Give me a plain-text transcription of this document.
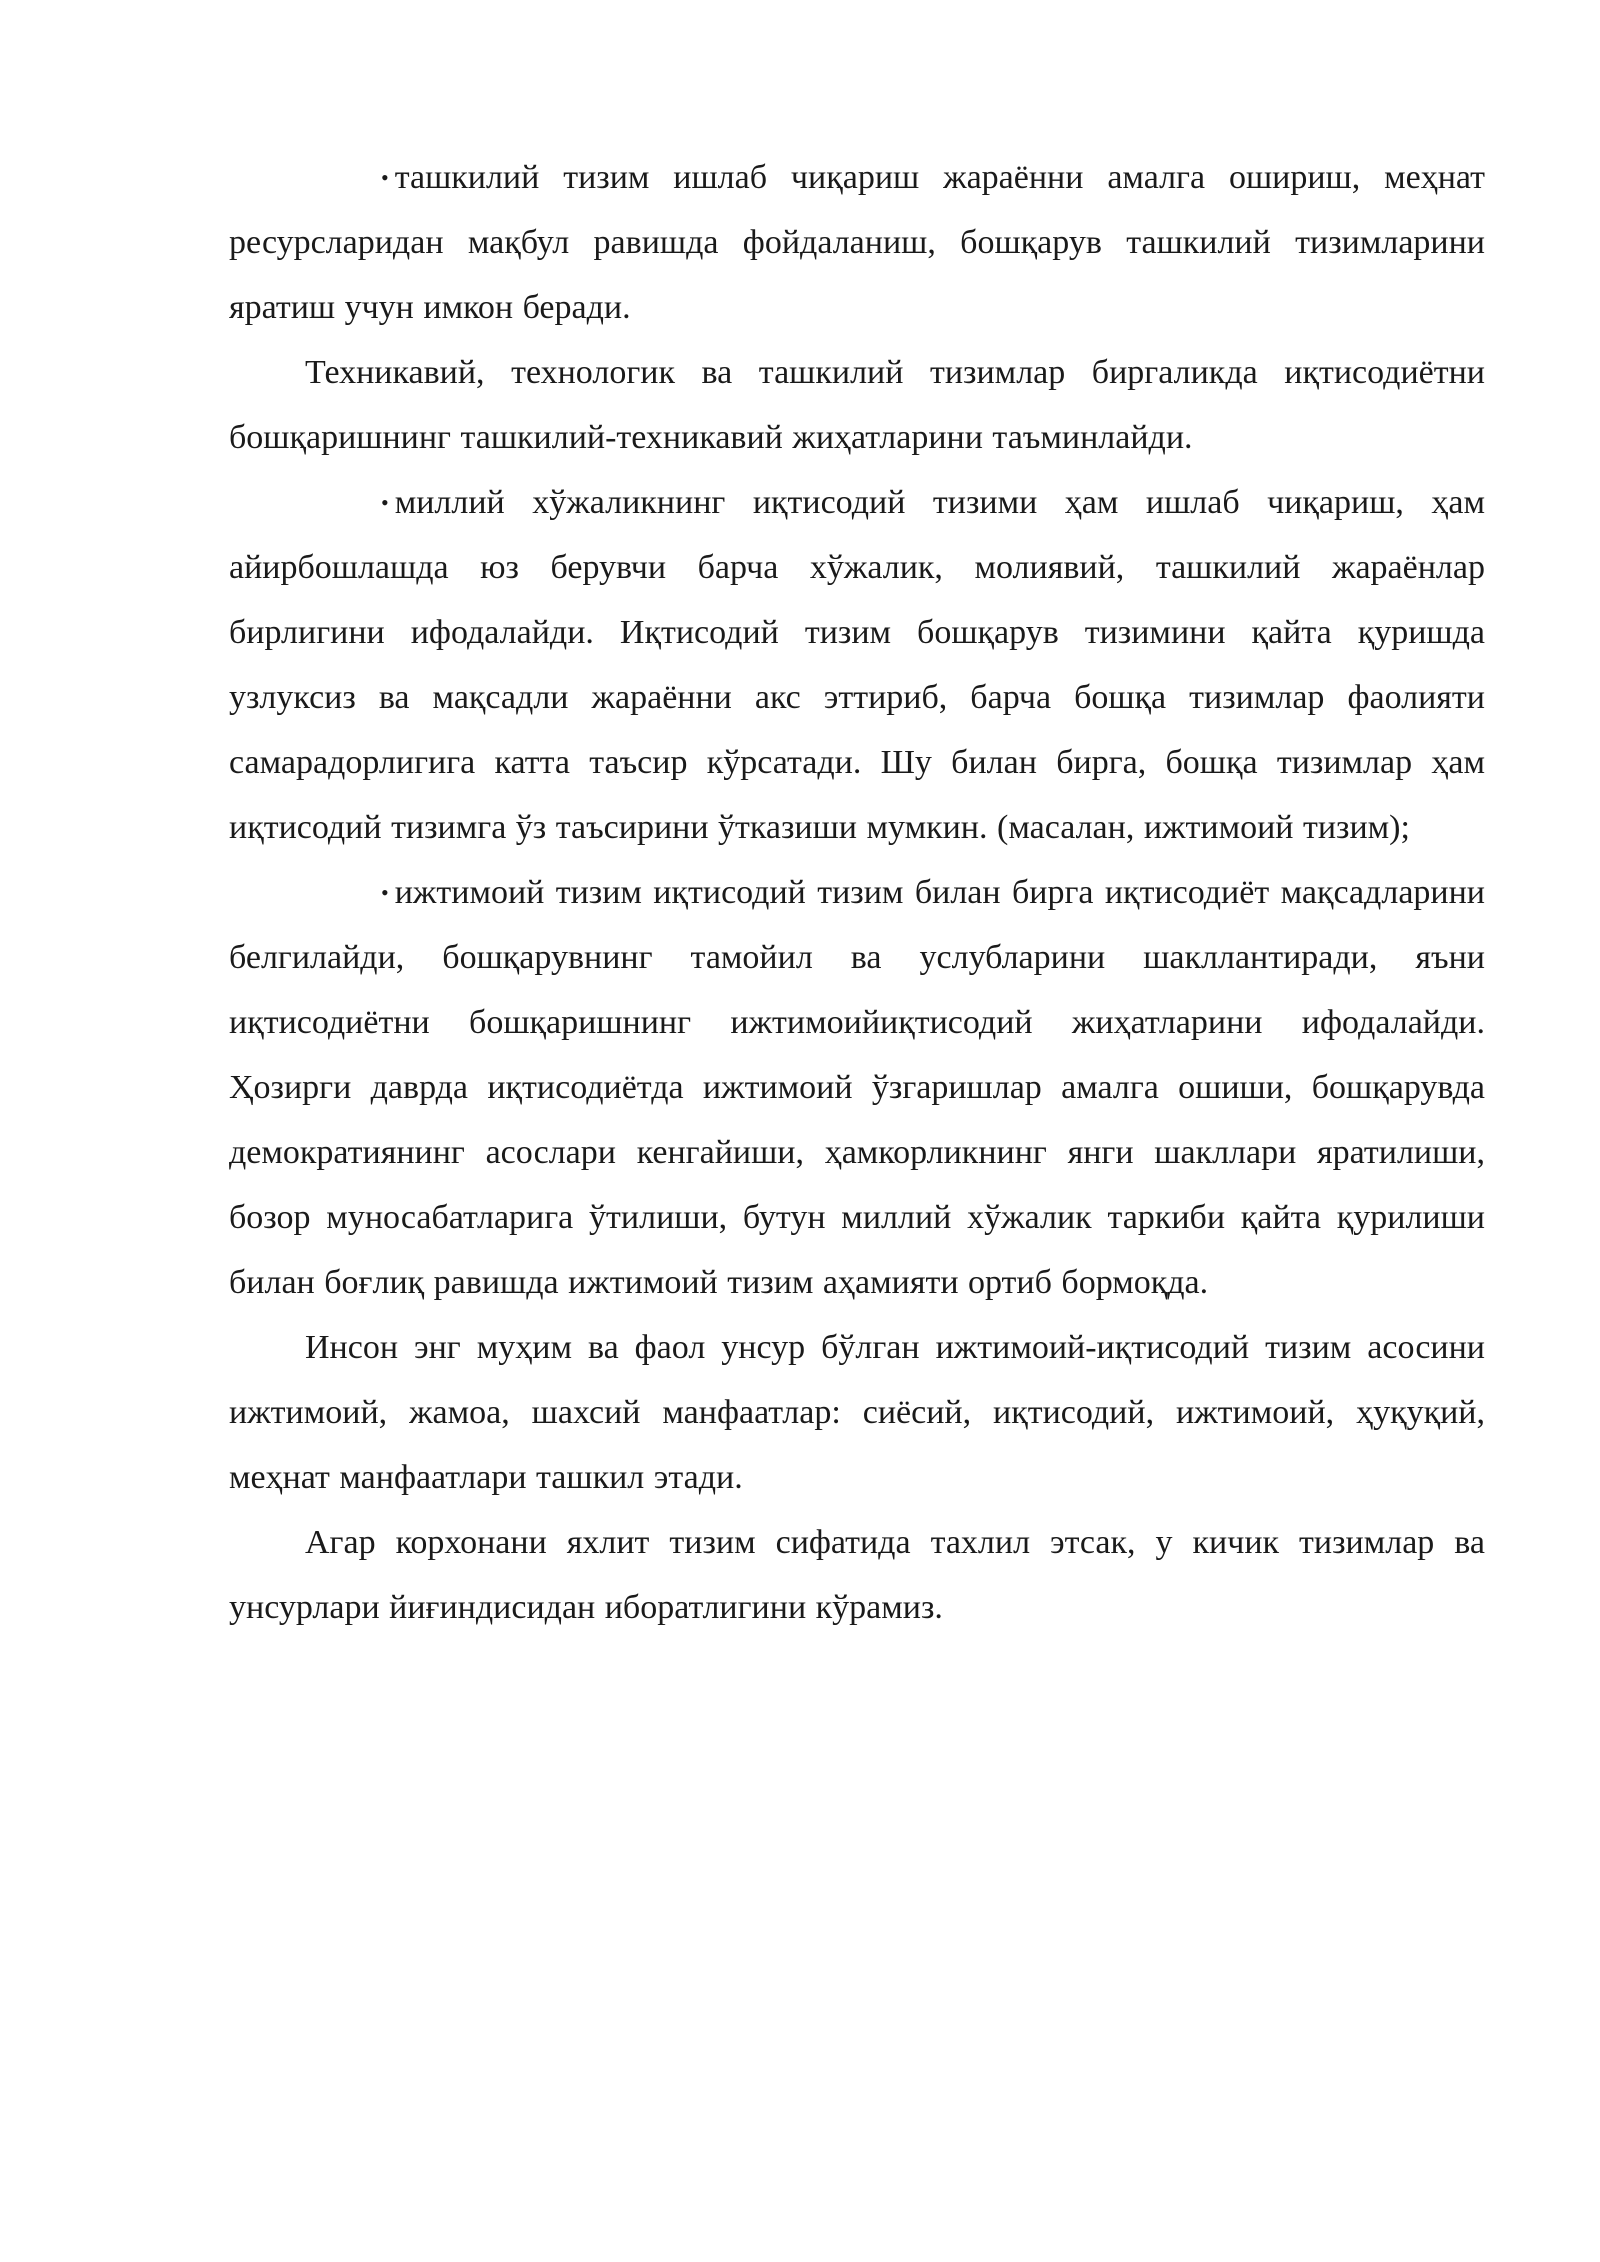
• ташкилий тизим ишлаб чиқариш жараённи амалга ошириш, меҳнат ресурсларидан мақбул равишда фойдаланиш, бошқарув ташкилий тизимларини яратиш учун имкон беради.

Техникавий, технологик ва ташкилий тизимлар биргаликда иқтисодиётни бошқаришнинг ташкилий-техникавий жиҳатларини таъминлайди.

• миллий хўжаликнинг иқтисодий тизими ҳам ишлаб чиқариш, ҳам айирбошлашда юз берувчи барча хўжалик, молиявий, ташкилий жараёнлар бирлигини ифодалайди. Иқтисодий тизим бошқарув тизимини қайта қуришда узлуксиз ва мақсадли жараённи акс эттириб, барча бошқа тизимлар фаолияти самарадорлигига катта таъсир кўрсатади. Шу билан бирга, бошқа тизимлар ҳам иқтисодий тизимга ўз таъсирини ўтказиши мумкин. (масалан, ижтимоий тизим);

• ижтимоий тизим иқтисодий тизим билан бирга иқтисодиёт мақсадларини белгилайди, бошқарувнинг тамойил ва услубларини шакллантиради, яъни иқтисодиётни бошқаришнинг ижтимоийиқтисодий жиҳатларини ифодалайди. Ҳозирги даврда иқтисодиётда ижтимоий ўзгаришлар амалга ошиши, бошқарувда демократиянинг асослари кенгайиши, ҳамкорликнинг янги шакллари яратилиши, бозор муносабатларига ўтилиши, бутун миллий хўжалик таркиби қайта қурилиши билан боғлиқ равишда ижтимоий тизим аҳамияти ортиб бормоқда.

Инсон энг муҳим ва фаол унсур бўлган ижтимоий-иқтисодий тизим асосини ижтимоий, жамоа, шахсий манфаатлар: сиёсий, иқтисодий, ижтимоий, ҳуқуқий, меҳнат манфаатлари ташкил этади.

Агар корхонани яхлит тизим сифатида тахлил этсак, у кичик тизимлар ва унсурлари йиғиндисидан иборатлигини кўрамиз.
